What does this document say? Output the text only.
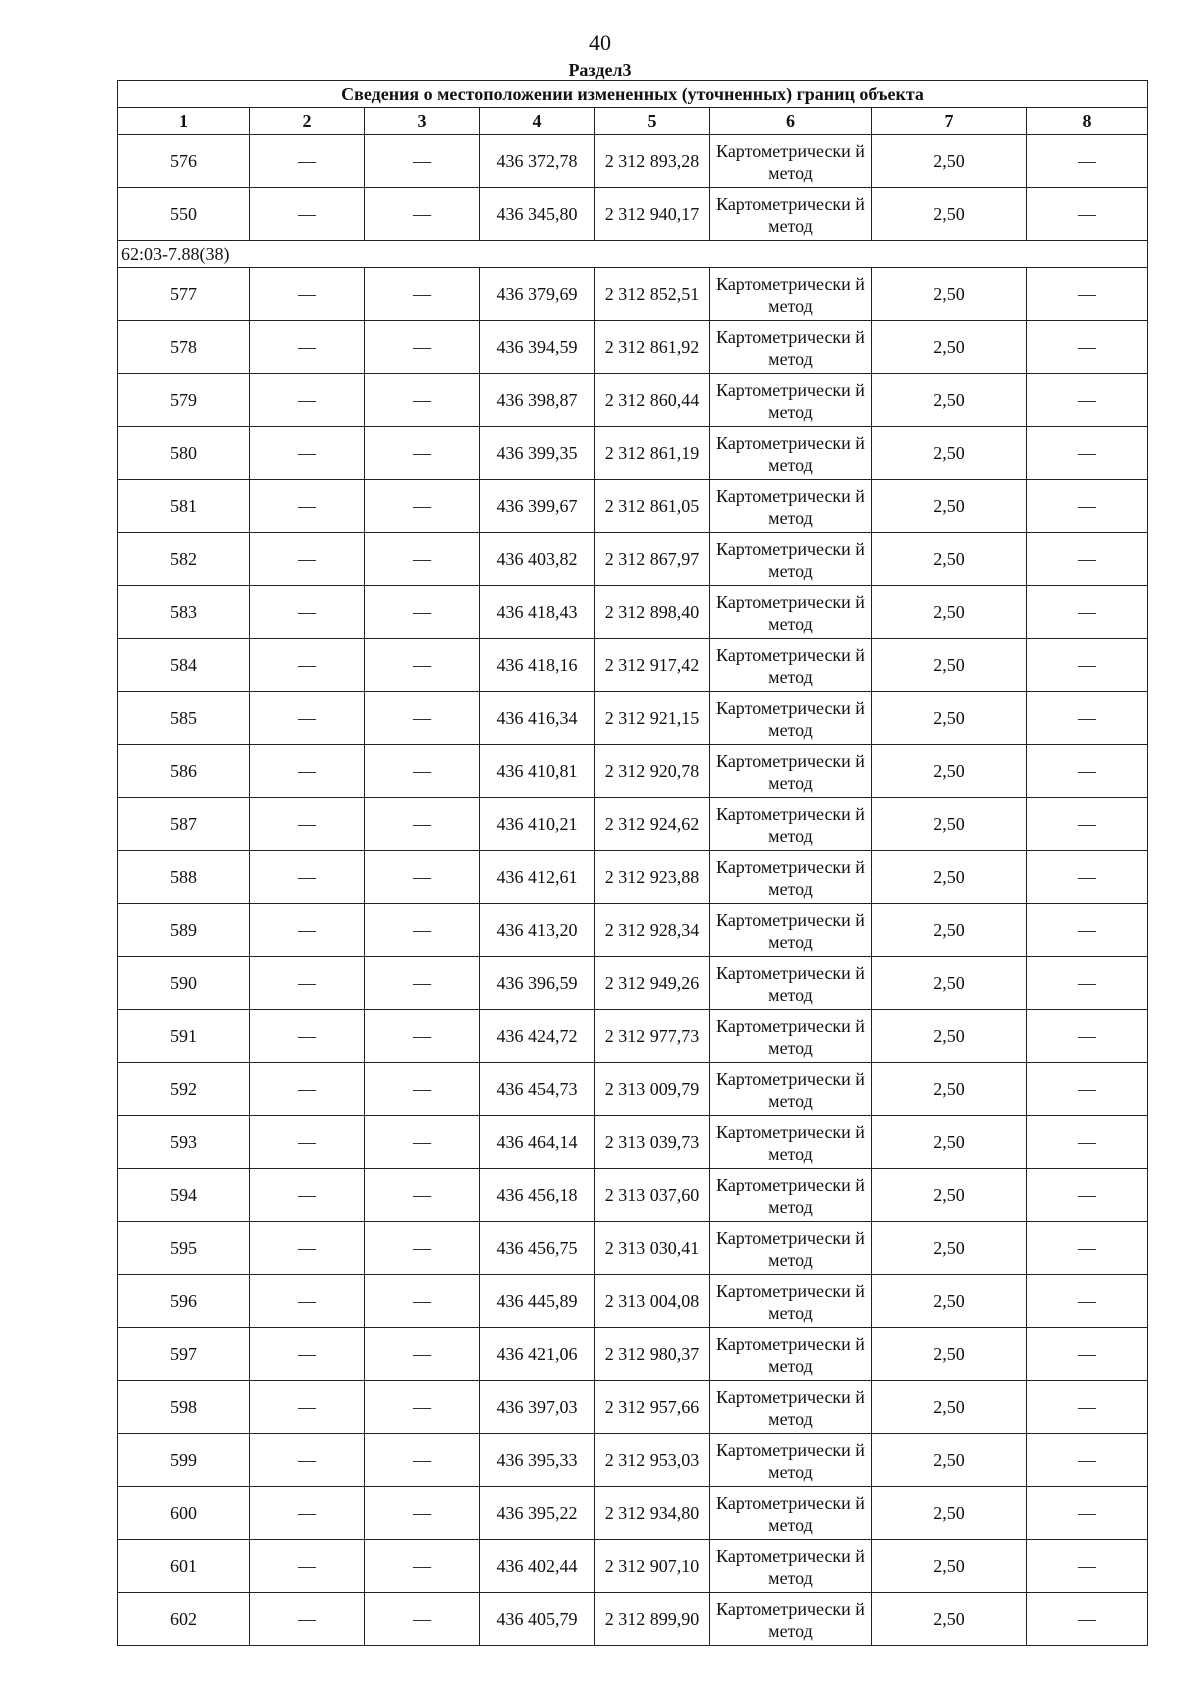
40
Раздел3
Сведения о местоположении измененных (уточненных) границ объекта							
1	2	3	4	5	6	7	8
576	—	—	436 372,78	2 312 893,28	Картометрически й метод	2,50	—
550	—	—	436 345,80	2 312 940,17	Картометрически й метод	2,50	—
62:03-7.88(38)							
577	—	—	436 379,69	2 312 852,51	Картометрически й метод	2,50	—
578	—	—	436 394,59	2 312 861,92	Картометрически й метод	2,50	—
579	—	—	436 398,87	2 312 860,44	Картометрически й метод	2,50	—
580	—	—	436 399,35	2 312 861,19	Картометрически й метод	2,50	—
581	—	—	436 399,67	2 312 861,05	Картометрически й метод	2,50	—
582	—	—	436 403,82	2 312 867,97	Картометрически й метод	2,50	—
583	—	—	436 418,43	2 312 898,40	Картометрически й метод	2,50	—
584	—	—	436 418,16	2 312 917,42	Картометрически й метод	2,50	—
585	—	—	436 416,34	2 312 921,15	Картометрически й метод	2,50	—
586	—	—	436 410,81	2 312 920,78	Картометрически й метод	2,50	—
587	—	—	436 410,21	2 312 924,62	Картометрически й метод	2,50	—
588	—	—	436 412,61	2 312 923,88	Картометрически й метод	2,50	—
589	—	—	436 413,20	2 312 928,34	Картометрически й метод	2,50	—
590	—	—	436 396,59	2 312 949,26	Картометрически й метод	2,50	—
591	—	—	436 424,72	2 312 977,73	Картометрически й метод	2,50	—
592	—	—	436 454,73	2 313 009,79	Картометрически й метод	2,50	—
593	—	—	436 464,14	2 313 039,73	Картометрически й метод	2,50	—
594	—	—	436 456,18	2 313 037,60	Картометрически й метод	2,50	—
595	—	—	436 456,75	2 313 030,41	Картометрически й метод	2,50	—
596	—	—	436 445,89	2 313 004,08	Картометрически й метод	2,50	—
597	—	—	436 421,06	2 312 980,37	Картометрически й метод	2,50	—
598	—	—	436 397,03	2 312 957,66	Картометрически й метод	2,50	—
599	—	—	436 395,33	2 312 953,03	Картометрически й метод	2,50	—
600	—	—	436 395,22	2 312 934,80	Картометрически й метод	2,50	—
601	—	—	436 402,44	2 312 907,10	Картометрически й метод	2,50	—
602	—	—	436 405,79	2 312 899,90	Картометрически й метод	2,50	—
